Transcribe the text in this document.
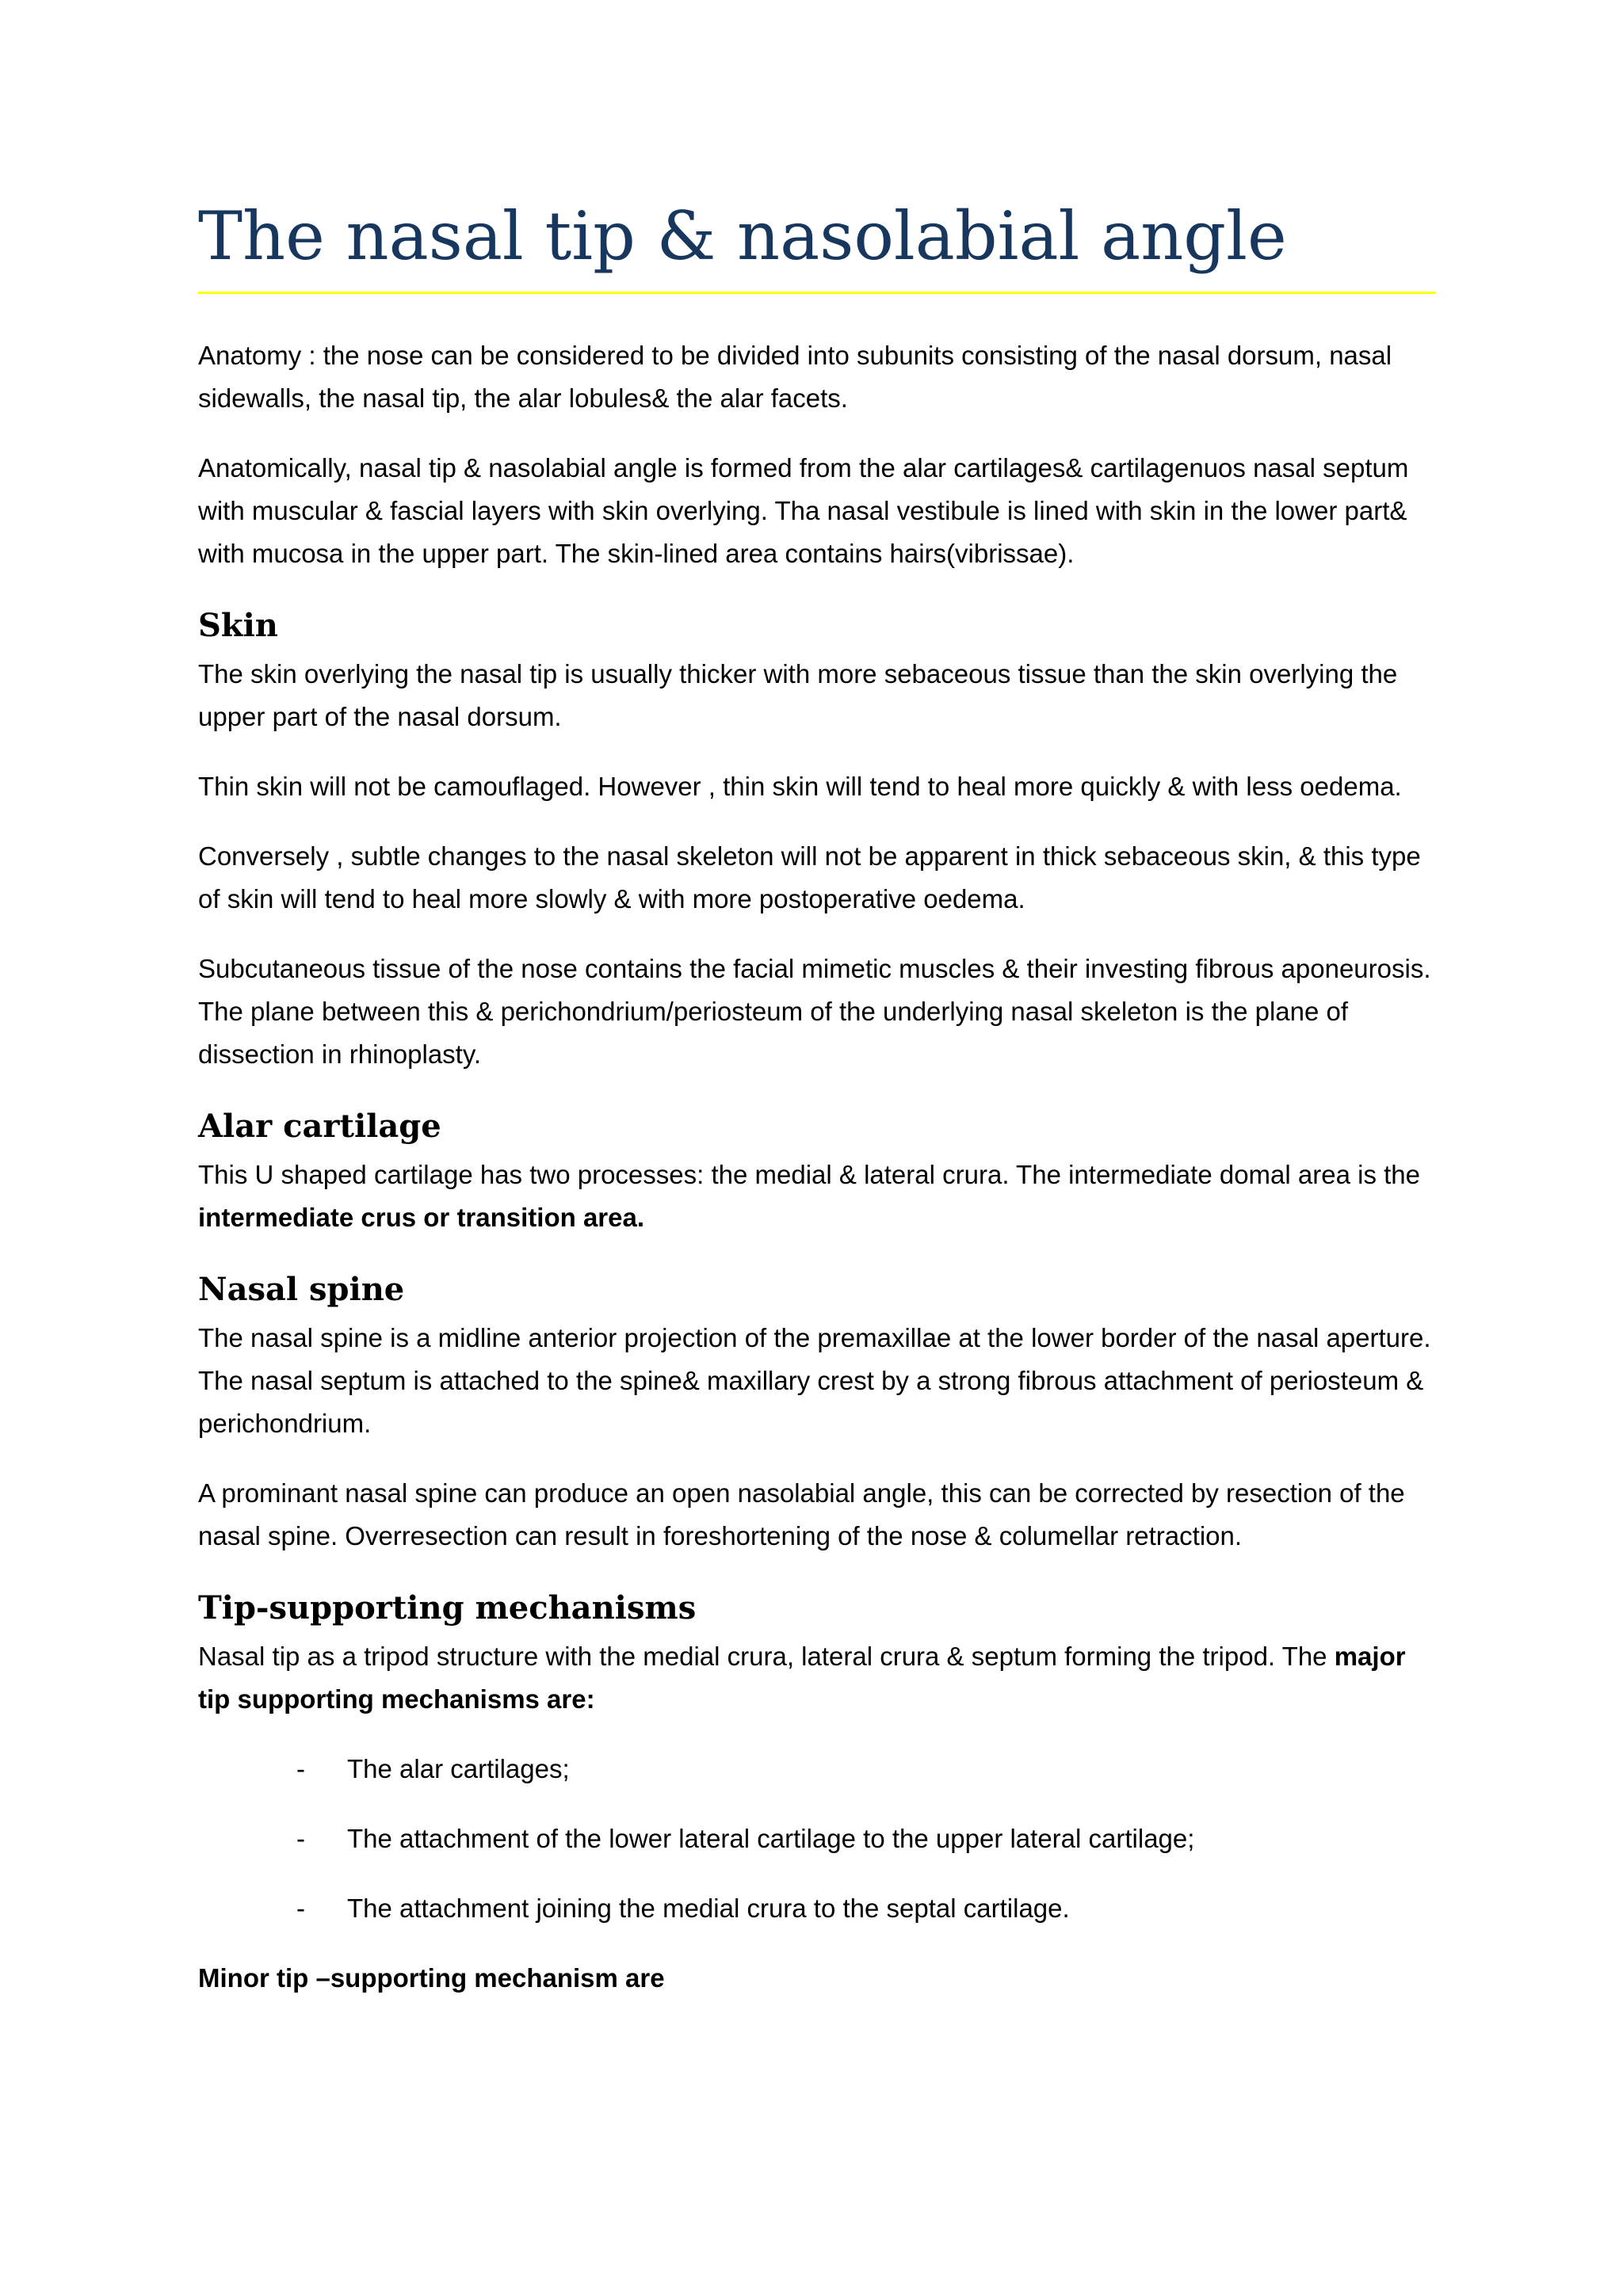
The nasal tip & nasolabial angle

Anatomy : the nose can be considered to be divided into subunits consisting of the nasal dorsum, nasal sidewalls, the nasal tip, the alar lobules& the alar facets.

Anatomically, nasal tip & nasolabial angle is formed from the alar cartilages& cartilagenuos nasal septum with muscular & fascial layers with skin overlying. Tha nasal vestibule is lined with skin in the lower part& with mucosa in the upper part. The skin-lined area contains hairs(vibrissae).

Skin

The skin overlying the nasal tip is usually thicker with more sebaceous tissue than the skin overlying the upper part of the nasal dorsum.

Thin skin will not be camouflaged. However , thin skin will tend to heal more quickly & with less oedema.

Conversely , subtle changes to the nasal skeleton will not be apparent in thick sebaceous skin, & this type of skin will tend to heal more slowly & with more postoperative oedema.

Subcutaneous tissue of the nose contains the facial mimetic muscles & their investing fibrous aponeurosis. The plane between this & perichondrium/periosteum of the underlying nasal skeleton is the plane of dissection in rhinoplasty.

Alar cartilage

This U shaped cartilage has two processes: the medial & lateral crura. The intermediate domal area is the intermediate crus or transition area.

Nasal spine

The nasal spine is a midline anterior projection of the premaxillae at the lower border of the nasal aperture. The nasal septum is attached to the spine& maxillary crest by a strong fibrous attachment of periosteum & perichondrium.

A prominant nasal spine can produce an open nasolabial angle, this can be corrected by resection of the nasal spine. Overresection can result in foreshortening of the nose & columellar retraction.

Tip-supporting mechanisms

Nasal tip as a tripod structure with the medial crura, lateral crura & septum forming the tripod. The major tip supporting mechanisms are:

- The alar cartilages;
- The attachment of the lower lateral cartilage to the upper lateral cartilage;
- The attachment joining the medial crura to the septal cartilage.

Minor tip –supporting mechanism are
